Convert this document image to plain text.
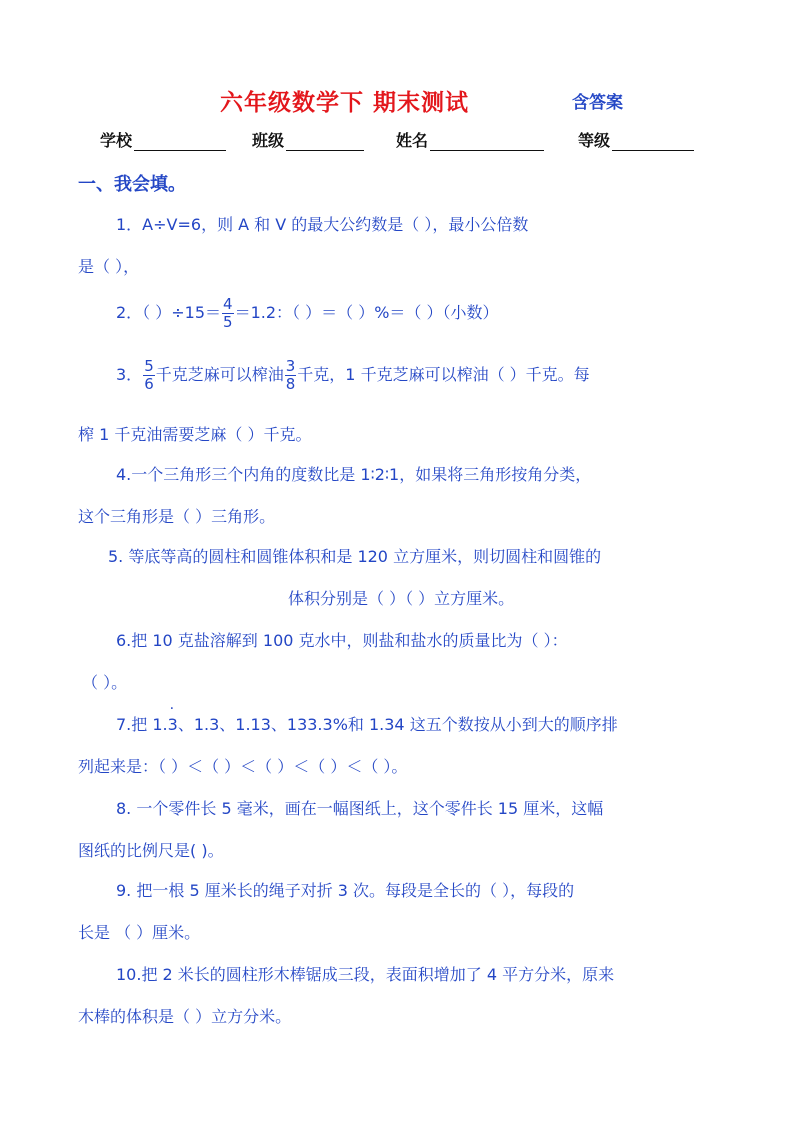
六年级数学下 期末测试	含答案
学校	班级	姓名	等级
一、我会填。
1．A÷V=6，则 A 和 V 的最大公约数是（ ），最小公倍数
是（ ），
2．（ ）$\div 15= \frac{4}{5} =1.2$：（ ）＝（ ）%＝（ ）（小数）
3． $\frac{5}{6}$ 千克芝麻可以榨油 $\frac{3}{8}$ 千克，1 千克芝麻可以榨油（ ）千克。每
榨 1 千克油需要芝麻（ ）千克。
4.一个三角形三个内角的度数比是 1∶2∶1，如果将三角形按角分类，
这个三角形是（ ）三角形。
5. 等底等高的圆柱和圆锥体积和是 120 立方厘米，则切圆柱和圆锥的
体积分别是（ ）（ ）立方厘米。
6.把 10 克盐溶解到 100 克水中，则盐和盐水的质量比为（ ）：
（ ）。
7.把 1.· 3、1.3、1.13、133.3%和 1.34 这五个数按从小到大的顺序排
列起来是：（ ）＜（ ）＜（ ）＜（ ）＜（ ）。
8. 一个零件长 5 毫米，画在一幅图纸上，这个零件长 15 厘米，这幅
图纸的比例尺是( )。
9. 把一根 5 厘米长的绳子对折 3 次。每段是全长的（ ），每段的
长是 （ ）厘米。
10.把 2 米长的圆柱形木棒锯成三段，表面积增加了 4 平方分米，原来
木棒的体积是（ ）立方分米。
